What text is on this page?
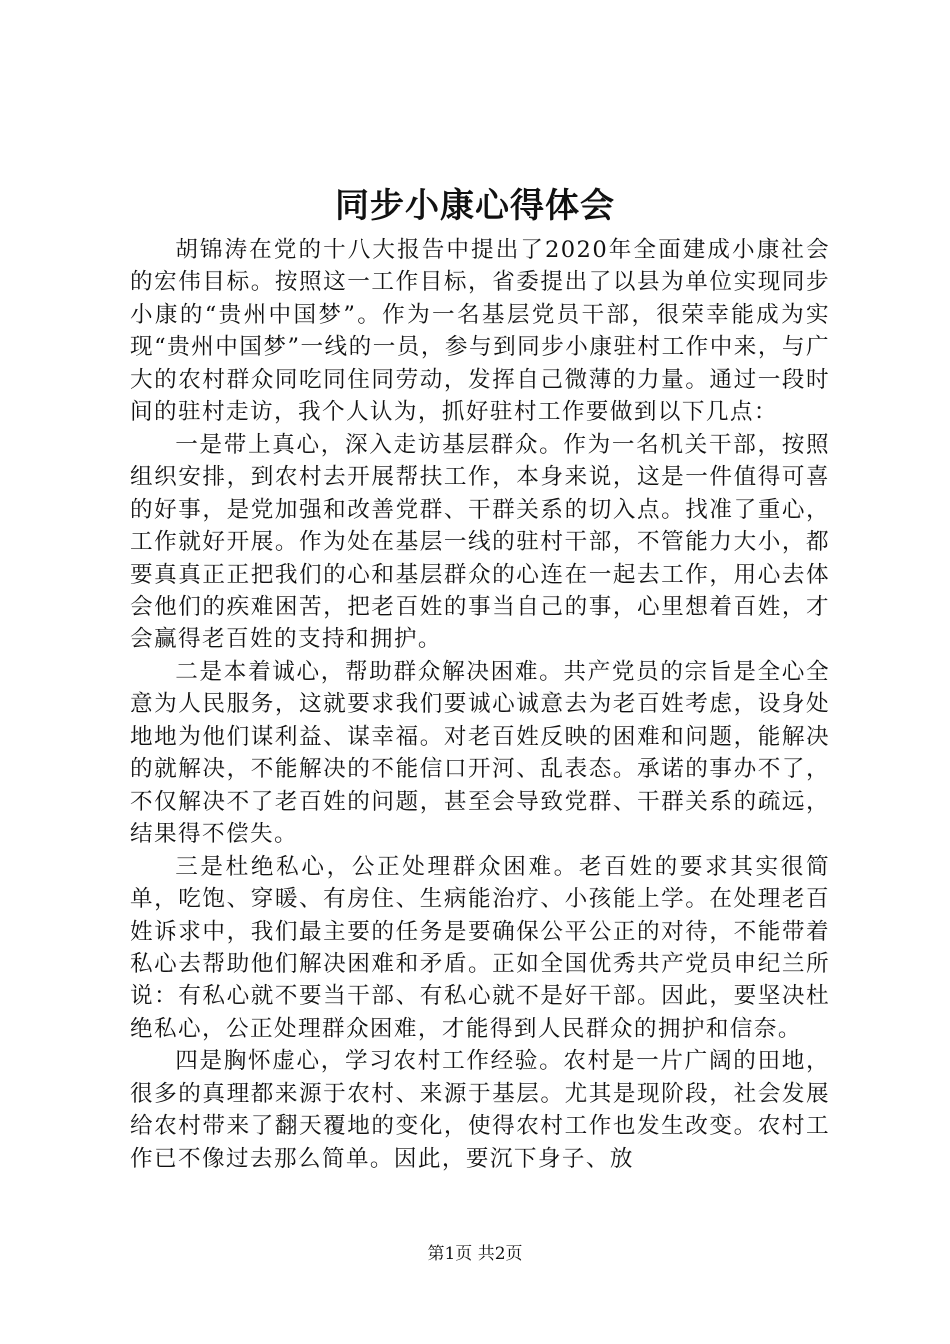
同步小康心得体会

胡锦涛在党的十八大报告中提出了2020年全面建成小康社会的宏伟目标。按照这一工作目标，省委提出了以县为单位实现同步小康的“贵州中国梦”。作为一名基层党员干部，很荣幸能成为实现“贵州中国梦”一线的一员，参与到同步小康驻村工作中来，与广大的农村群众同吃同住同劳动，发挥自己微薄的力量。通过一段时间的驻村走访，我个人认为，抓好驻村工作要做到以下几点：

一是带上真心，深入走访基层群众。作为一名机关干部，按照组织安排，到农村去开展帮扶工作，本身来说，这是一件值得可喜的好事，是党加强和改善党群、干群关系的切入点。找准了重心，工作就好开展。作为处在基层一线的驻村干部，不管能力大小，都要真真正正把我们的心和基层群众的心连在一起去工作，用心去体会他们的疾难困苦，把老百姓的事当自己的事，心里想着百姓，才会赢得老百姓的支持和拥护。

二是本着诚心，帮助群众解决困难。共产党员的宗旨是全心全意为人民服务，这就要求我们要诚心诚意去为老百姓考虑，设身处地地为他们谋利益、谋幸福。对老百姓反映的困难和问题，能解决的就解决，不能解决的不能信口开河、乱表态。承诺的事办不了，不仅解决不了老百姓的问题，甚至会导致党群、干群关系的疏远，结果得不偿失。

三是杜绝私心，公正处理群众困难。老百姓的要求其实很简单，吃饱、穿暖、有房住、生病能治疗、小孩能上学。在处理老百姓诉求中，我们最主要的任务是要确保公平公正的对待，不能带着私心去帮助他们解决困难和矛盾。正如全国优秀共产党员申纪兰所说：有私心就不要当干部、有私心就不是好干部。因此，要坚决杜绝私心，公正处理群众困难，才能得到人民群众的拥护和信奈。

四是胸怀虚心，学习农村工作经验。农村是一片广阔的田地，很多的真理都来源于农村、来源于基层。尤其是现阶段，社会发展给农村带来了翻天覆地的变化，使得农村工作也发生改变。农村工作已不像过去那么简单。因此，要沉下身子、放

第1页 共2页
